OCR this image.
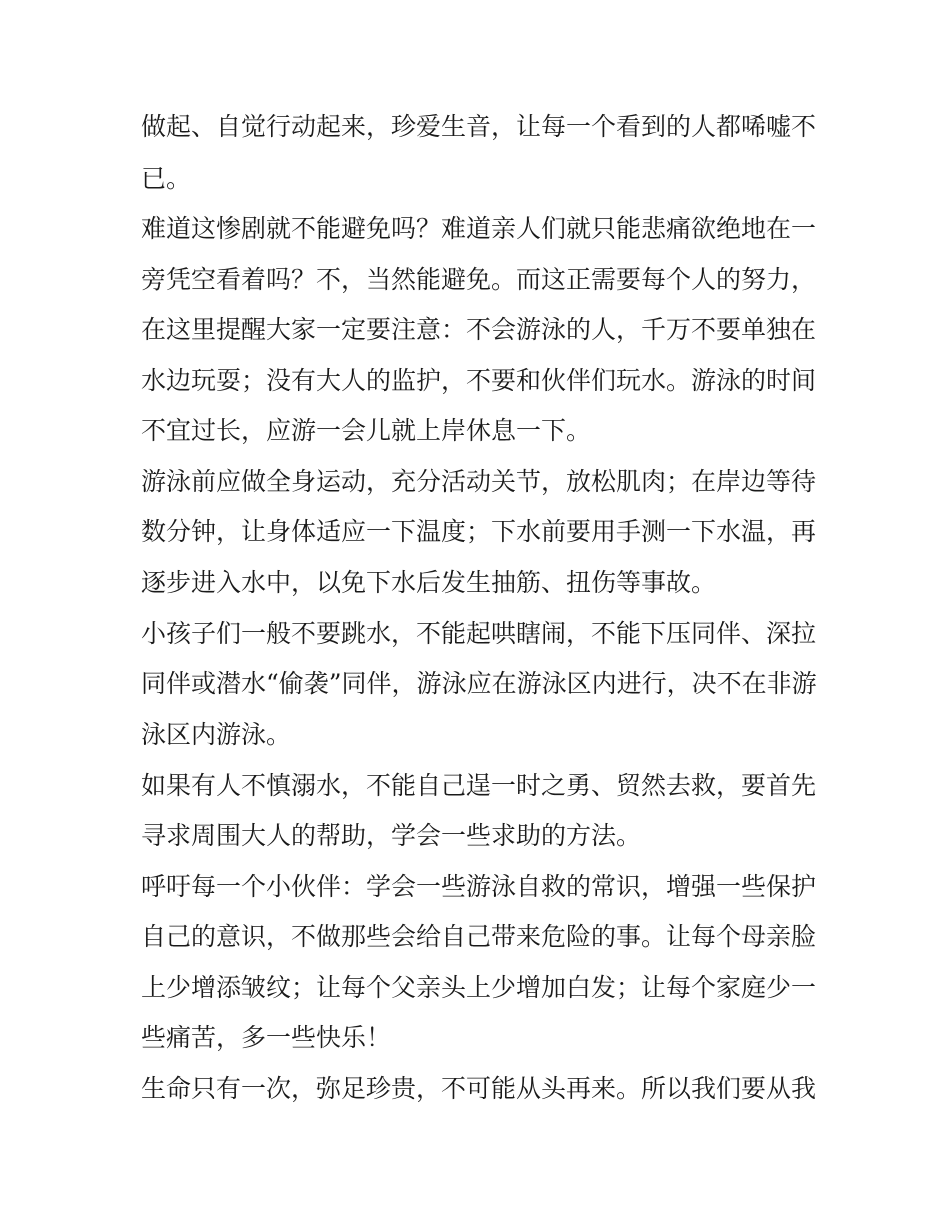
做起、自觉行动起来，珍爱生音，让每一个看到的人都唏嘘不
已。
难道这惨剧就不能避免吗？难道亲人们就只能悲痛欲绝地在一
旁凭空看着吗？不，当然能避免。而这正需要每个人的努力，
在这里提醒大家一定要注意：不会游泳的人，千万不要单独在
水边玩耍；没有大人的监护，不要和伙伴们玩水。游泳的时间
不宜过长，应游一会儿就上岸休息一下。
游泳前应做全身运动，充分活动关节，放松肌肉；在岸边等待
数分钟，让身体适应一下温度；下水前要用手测一下水温，再
逐步进入水中，以免下水后发生抽筋、扭伤等事故。
小孩子们一般不要跳水，不能起哄瞎闹，不能下压同伴、深拉
同伴或潜水“偷袭”同伴，游泳应在游泳区内进行，决不在非游
泳区内游泳。
如果有人不慎溺水，不能自己逞一时之勇、贸然去救，要首先
寻求周围大人的帮助，学会一些求助的方法。
呼吁每一个小伙伴：学会一些游泳自救的常识，增强一些保护
自己的意识，不做那些会给自己带来危险的事。让每个母亲脸
上少增添皱纹；让每个父亲头上少增加白发；让每个家庭少一
些痛苦，多一些快乐！
生命只有一次，弥足珍贵，不可能从头再来。所以我们要从我
